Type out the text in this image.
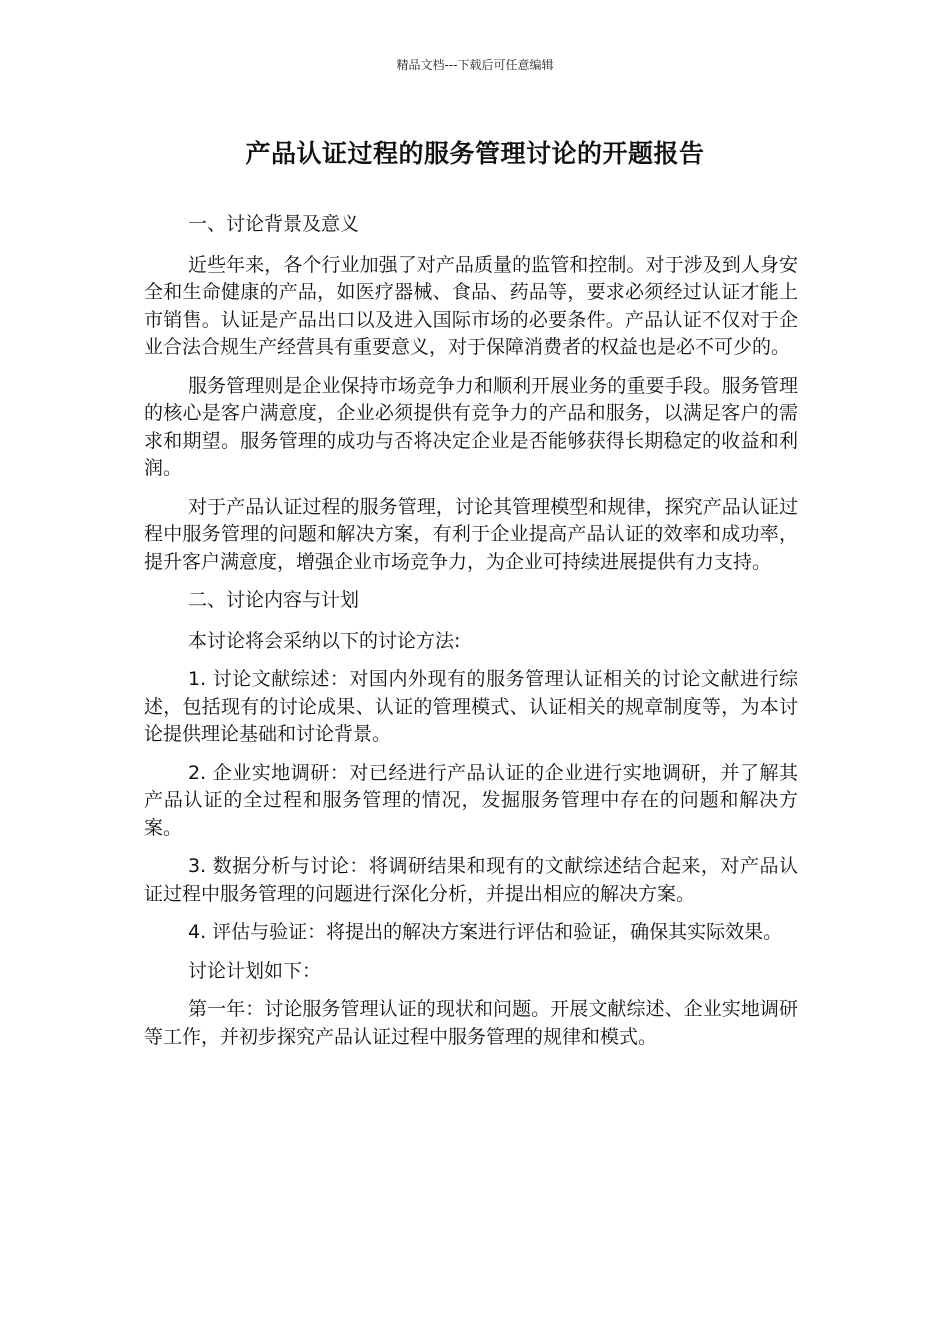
精品文档---下载后可任意编辑
产品认证过程的服务管理讨论的开题报告

一、讨论背景及意义

近些年来，各个行业加强了对产品质量的监管和控制。对于涉及到人身安全和生命健康的产品，如医疗器械、食品、药品等，要求必须经过认证才能上市销售。认证是产品出口以及进入国际市场的必要条件。产品认证不仅对于企业合法合规生产经营具有重要意义，对于保障消费者的权益也是必不可少的。

服务管理则是企业保持市场竞争力和顺利开展业务的重要手段。服务管理的核心是客户满意度，企业必须提供有竞争力的产品和服务，以满足客户的需求和期望。服务管理的成功与否将决定企业是否能够获得长期稳定的收益和利润。

对于产品认证过程的服务管理，讨论其管理模型和规律，探究产品认证过程中服务管理的问题和解决方案，有利于企业提高产品认证的效率和成功率，提升客户满意度，增强企业市场竞争力，为企业可持续进展提供有力支持。

二、讨论内容与计划

本讨论将会采纳以下的讨论方法:

1. 讨论文献综述：对国内外现有的服务管理认证相关的讨论文献进行综述，包括现有的讨论成果、认证的管理模式、认证相关的规章制度等，为本讨论提供理论基础和讨论背景。

2. 企业实地调研：对已经进行产品认证的企业进行实地调研，并了解其产品认证的全过程和服务管理的情况，发掘服务管理中存在的问题和解决方案。

3. 数据分析与讨论：将调研结果和现有的文献综述结合起来，对产品认证过程中服务管理的问题进行深化分析，并提出相应的解决方案。

4. 评估与验证：将提出的解决方案进行评估和验证，确保其实际效果。

讨论计划如下：

第一年：讨论服务管理认证的现状和问题。开展文献综述、企业实地调研等工作，并初步探究产品认证过程中服务管理的规律和模式。
